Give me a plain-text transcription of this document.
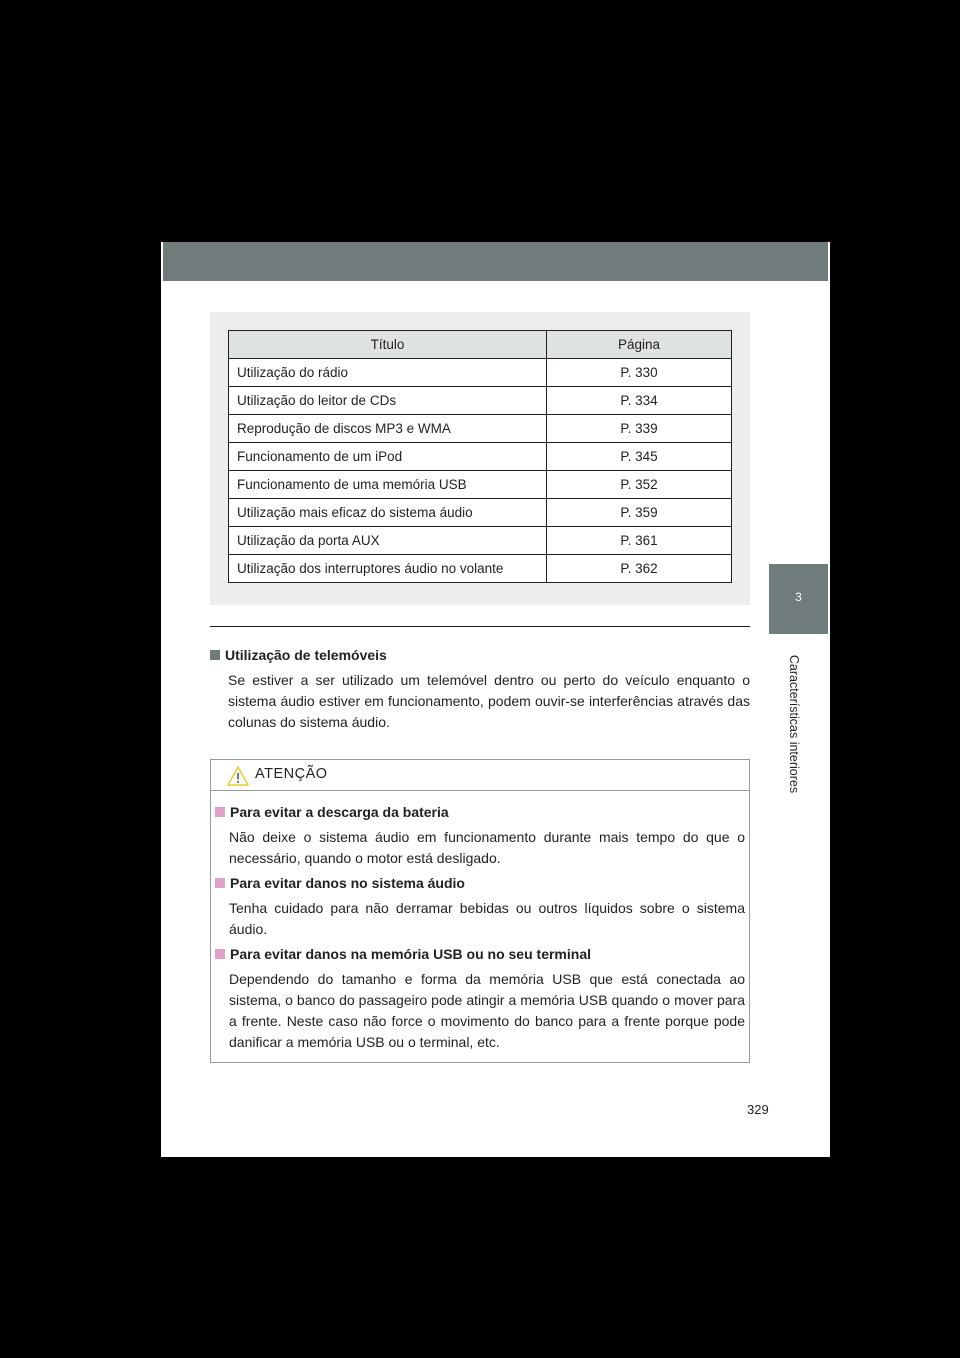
Título	Página
Utilização do rádio	P. 330
Utilização do leitor de CDs	P. 334
Reprodução de discos MP3 e WMA	P. 339
Funcionamento de um iPod	P. 345
Funcionamento de uma memória USB	P. 352
Utilização mais eficaz do sistema áudio	P. 359
Utilização da porta AUX	P. 361
Utilização dos interruptores áudio no volante	P. 362
Utilização de telemóveis

Se estiver a ser utilizado um telemóvel dentro ou perto do veículo enquanto o sistema áudio estiver em funcionamento, podem ouvir-se interferências através das colunas do sistema áudio.

ATENÇÃO
Para evitar a descarga da bateria

Não deixe o sistema áudio em funcionamento durante mais tempo do que o necessário, quando o motor está desligado.

Para evitar danos no sistema áudio

Tenha cuidado para não derramar bebidas ou outros líquidos sobre o sistema áudio.

Para evitar danos na memória USB ou no seu terminal

Dependendo do tamanho e forma da memória USB que está conectada ao sistema, o banco do passageiro pode atingir a memória USB quando o mover para a frente. Neste caso não force o movimento do banco para a frente porque pode danificar a memória USB ou o terminal, etc.

3
Características interiores
329
